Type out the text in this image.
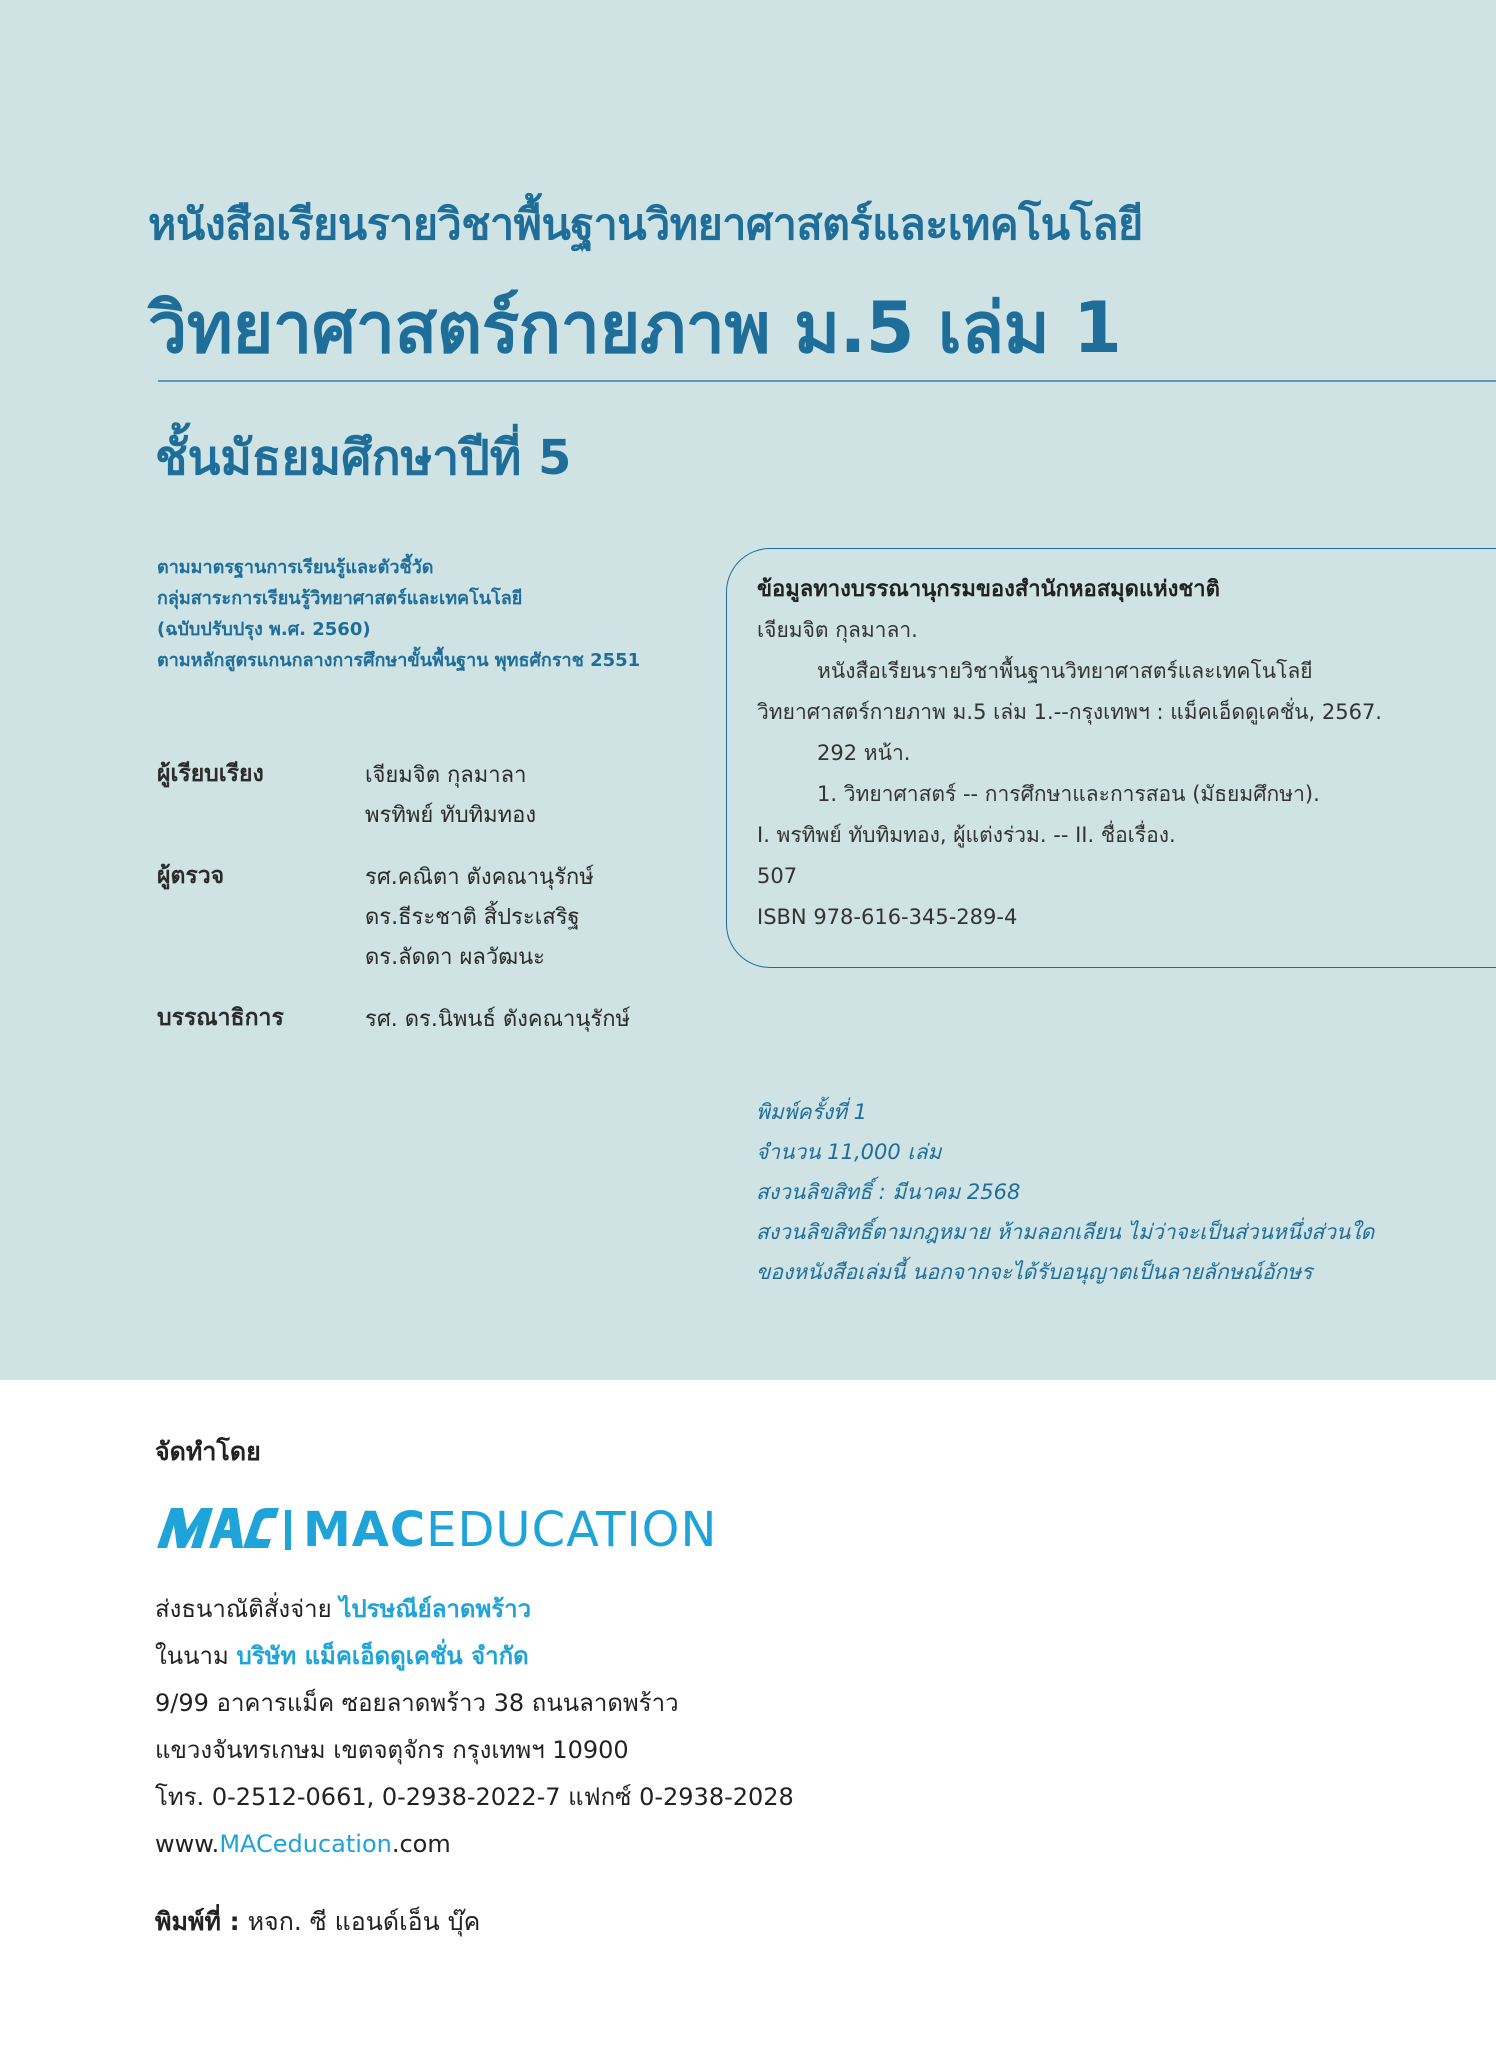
หนังสือเรียนรายวิชาพื้นฐานวิทยาศาสตร์และเทคโนโลยี
วิทยาศาสตร์กายภาพ ม.5 เล่ม 1
ชั้นมัธยมศึกษาปีที่ 5
ตามมาตรฐานการเรียนรู้และตัวชี้วัด
กลุ่มสาระการเรียนรู้วิทยาศาสตร์และเทคโนโลยี
(ฉบับปรับปรุง พ.ศ. 2560)
ตามหลักสูตรแกนกลางการศึกษาขั้นพื้นฐาน พุทธศักราช 2551
ผู้เรียบเรียง	เจียมจิต กุลมาลา
พรทิพย์ ทับทิมทอง
ผู้ตรวจ	รศ.คณิตา ตังคณานุรักษ์
ดร.ธีระชาติ สิ้ประเสริฐ
ดร.ลัดดา ผลวัฒนะ
บรรณาธิการ	รศ. ดร.นิพนธ์ ตังคณานุรักษ์
ข้อมูลทางบรรณานุกรมของสำนักหอสมุดแห่งชาติ
เจียมจิต กุลมาลา.
หนังสือเรียนรายวิชาพื้นฐานวิทยาศาสตร์และเทคโนโลยี
วิทยาศาสตร์กายภาพ ม.5 เล่ม 1.--กรุงเทพฯ : แม็คเอ็ดดูเคชั่น, 2567.
292 หน้า.
1. วิทยาศาสตร์ -- การศึกษาและการสอน (มัธยมศึกษา).
I. พรทิพย์ ทับทิมทอง, ผู้แต่งร่วม. -- II. ชื่อเรื่อง.
507
ISBN 978-616-345-289-4
พิมพ์ครั้งที่ 1
จำนวน 11,000 เล่ม
สงวนลิขสิทธิ์ : มีนาคม 2568
สงวนลิขสิทธิ์ตามกฎหมาย ห้ามลอกเลียน ไม่ว่าจะเป็นส่วนหนึ่งส่วนใด
ของหนังสือเล่มนี้ นอกจากจะได้รับอนุญาตเป็นลายลักษณ์อักษร
จัดทำโดย
MACEDUCATION
ส่งธนาณัติสั่งจ่าย ไปรษณีย์ลาดพร้าว
ในนาม บริษัท แม็คเอ็ดดูเคชั่น จำกัด
9/99 อาคารแม็ค ซอยลาดพร้าว 38 ถนนลาดพร้าว
แขวงจันทรเกษม เขตจตุจักร กรุงเทพฯ 10900
โทร. 0-2512-0661, 0-2938-2022-7 แฟกซ์ 0-2938-2028
www.MACeducation.com
พิมพ์ที่ : หจก. ซี แอนด์เอ็น บุ๊ค
